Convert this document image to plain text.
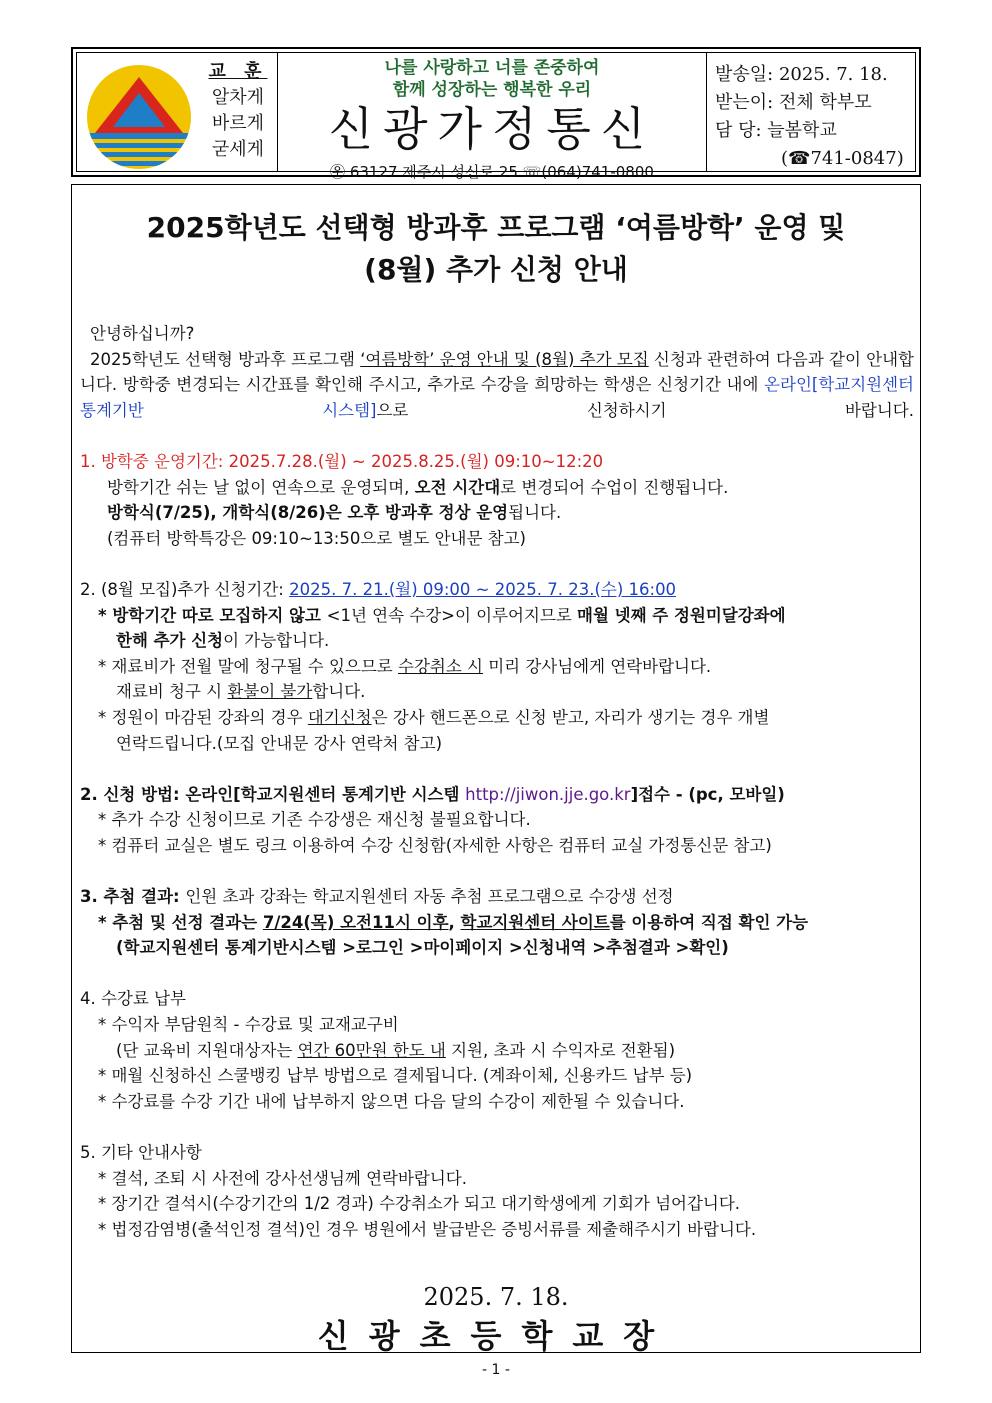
교 훈
알차게
바르게
굳세게
나를 사랑하고 너를 존중하여
함께 성장하는 행복한 우리
신광가정통신
㉾ 63127 제주시 성신로 25 ☏(064)741-0800
발송일: 2025. 7. 18.
받는이: 전체 학부모
담 당: 늘봄학교
(☎741-0847)
2025학년도 선택형 방과후 프로그램 ‘여름방학’ 운영 및
(8월) 추가 신청 안내

안녕하십니까?

2025학년도 선택형 방과후 프로그램 ‘여름방학’ 운영 안내 및 (8월) 추가 모집 신청과 관련하여 다음과 같이 안내합니다. 방학중 변경되는 시간표를 확인해 주시고, 추가로 수강을 희망하는 학생은 신청기간 내에 온라인[학교지원센터 통계기반 시스템]으로 신청하시기 바랍니다.

1. 방학중 운영기간: 2025.7.28.(월) ~ 2025.8.25.(월) 09:10~12:20

방학기간 쉬는 날 없이 연속으로 운영되며, 오전 시간대로 변경되어 수업이 진행됩니다.

방학식(7/25), 개학식(8/26)은 오후 방과후 정상 운영됩니다.

(컴퓨터 방학특강은 09:10~13:50으로 별도 안내문 참고)

2. (8월 모집)추가 신청기간: 2025. 7. 21.(월) 09:00 ~ 2025. 7. 23.(수) 16:00

* 방학기간 따로 모집하지 않고 <1년 연속 수강>이 이루어지므로 매월 넷째 주 정원미달강좌에

한해 추가 신청이 가능합니다.

* 재료비가 전월 말에 청구될 수 있으므로 수강취소 시 미리 강사님에게 연락바랍니다.

재료비 청구 시 환불이 불가합니다.

* 정원이 마감된 강좌의 경우 대기신청은 강사 핸드폰으로 신청 받고, 자리가 생기는 경우 개별

연락드립니다.(모집 안내문 강사 연락처 참고)

2. 신청 방법: 온라인[학교지원센터 통계기반 시스템 http://jiwon.jje.go.kr]접수 - (pc, 모바일)

* 추가 수강 신청이므로 기존 수강생은 재신청 불필요합니다.

* 컴퓨터 교실은 별도 링크 이용하여 수강 신청함(자세한 사항은 컴퓨터 교실 가정통신문 참고)

3. 추첨 결과: 인원 초과 강좌는 학교지원센터 자동 추첨 프로그램으로 수강생 선정

* 추첨 및 선정 결과는 7/24(목) 오전11시 이후, 학교지원센터 사이트를 이용하여 직접 확인 가능

(학교지원센터 통계기반시스템 >로그인 >마이페이지 >신청내역 >추첨결과 >확인)

4. 수강료 납부

* 수익자 부담원칙 - 수강료 및 교재교구비

(단 교육비 지원대상자는 연간 60만원 한도 내 지원, 초과 시 수익자로 전환됨)

* 매월 신청하신 스쿨뱅킹 납부 방법으로 결제됩니다. (계좌이체, 신용카드 납부 등)

* 수강료를 수강 기간 내에 납부하지 않으면 다음 달의 수강이 제한될 수 있습니다.

5. 기타 안내사항

* 결석, 조퇴 시 사전에 강사선생님께 연락바랍니다.

* 장기간 결석시(수강기간의 1/2 경과) 수강취소가 되고 대기학생에게 기회가 넘어갑니다.

* 법정감염병(출석인정 결석)인 경우 병원에서 발급받은 증빙서류를 제출해주시기 바랍니다.

2025. 7. 18.
신광초등학교장
- 1 -
